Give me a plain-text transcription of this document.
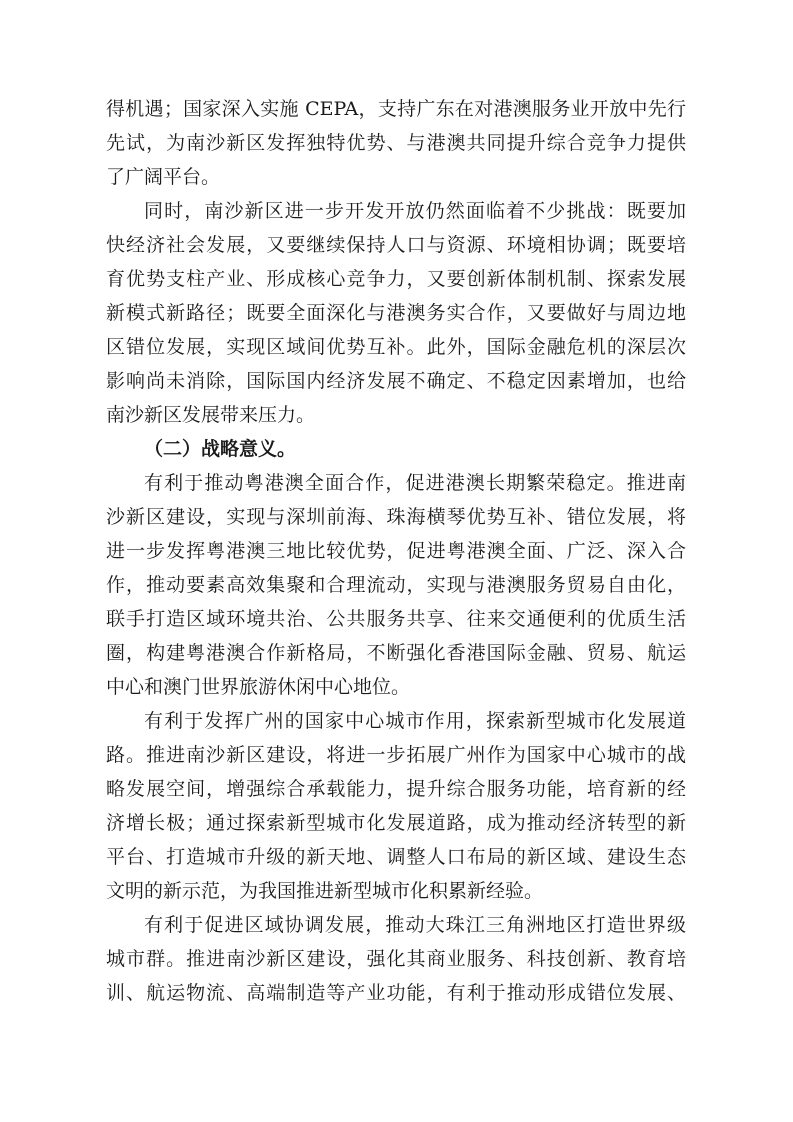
得机遇；国家深入实施 CEPA，支持广东在对港澳服务业开放中先行
先试，为南沙新区发挥独特优势、与港澳共同提升综合竞争力提供
了广阔平台。
同时，南沙新区进一步开发开放仍然面临着不少挑战：既要加
快经济社会发展，又要继续保持人口与资源、环境相协调；既要培
育优势支柱产业、形成核心竞争力，又要创新体制机制、探索发展
新模式新路径；既要全面深化与港澳务实合作，又要做好与周边地
区错位发展，实现区域间优势互补。此外，国际金融危机的深层次
影响尚未消除，国际国内经济发展不确定、不稳定因素增加，也给
南沙新区发展带来压力。
（二）战略意义。
有利于推动粤港澳全面合作，促进港澳长期繁荣稳定。推进南
沙新区建设，实现与深圳前海、珠海横琴优势互补、错位发展，将
进一步发挥粤港澳三地比较优势，促进粤港澳全面、广泛、深入合
作，推动要素高效集聚和合理流动，实现与港澳服务贸易自由化，
联手打造区域环境共治、公共服务共享、往来交通便利的优质生活
圈，构建粤港澳合作新格局，不断强化香港国际金融、贸易、航运
中心和澳门世界旅游休闲中心地位。
有利于发挥广州的国家中心城市作用，探索新型城市化发展道
路。推进南沙新区建设，将进一步拓展广州作为国家中心城市的战
略发展空间，增强综合承载能力，提升综合服务功能，培育新的经
济增长极；通过探索新型城市化发展道路，成为推动经济转型的新
平台、打造城市升级的新天地、调整人口布局的新区域、建设生态
文明的新示范，为我国推进新型城市化积累新经验。
有利于促进区域协调发展，推动大珠江三角洲地区打造世界级
城市群。推进南沙新区建设，强化其商业服务、科技创新、教育培
训、航运物流、高端制造等产业功能，有利于推动形成错位发展、
